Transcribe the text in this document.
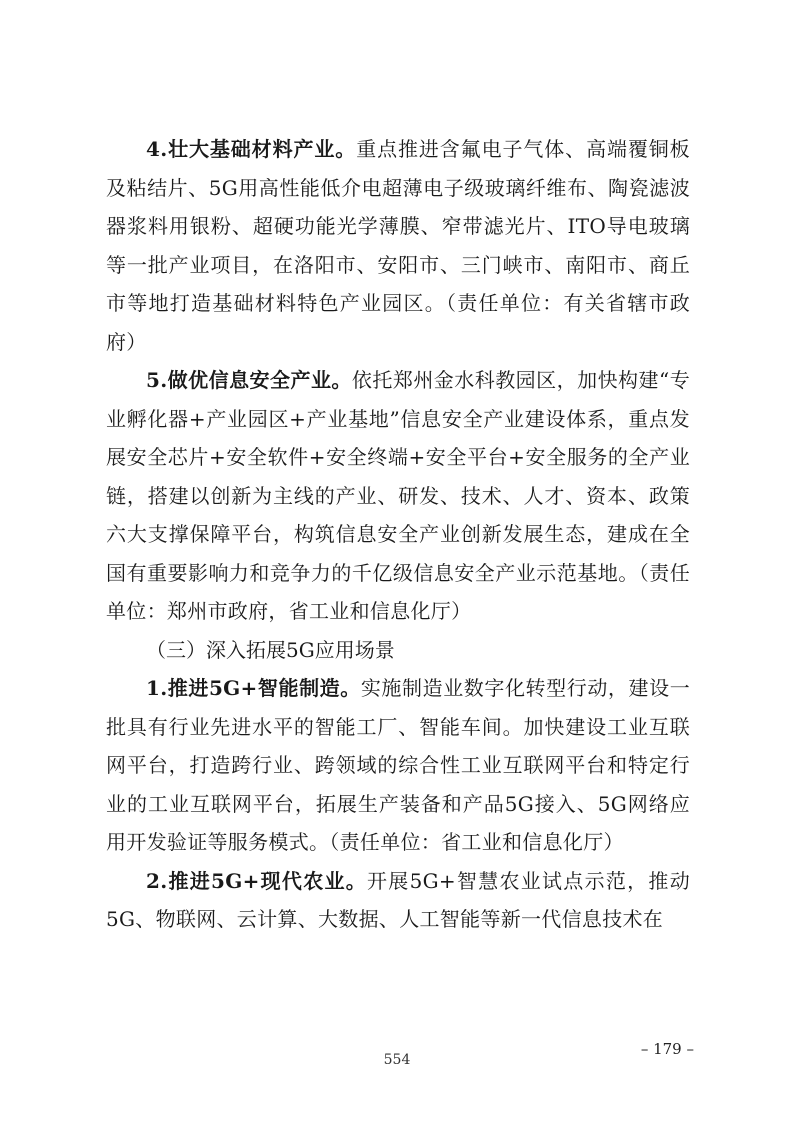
4.壮大基础材料产业。重点推进含氟电子气体、高端覆铜板及粘结片、5G用高性能低介电超薄电子级玻璃纤维布、陶瓷滤波器浆料用银粉、超硬功能光学薄膜、窄带滤光片、ITO导电玻璃等一批产业项目，在洛阳市、安阳市、三门峡市、南阳市、商丘市等地打造基础材料特色产业园区。（责任单位：有关省辖市政府）

5.做优信息安全产业。依托郑州金水科教园区，加快构建“专业孵化器+产业园区+产业基地”信息安全产业建设体系，重点发展安全芯片+安全软件+安全终端+安全平台+安全服务的全产业链，搭建以创新为主线的产业、研发、技术、人才、资本、政策六大支撑保障平台，构筑信息安全产业创新发展生态，建成在全国有重要影响力和竞争力的千亿级信息安全产业示范基地。（责任单位：郑州市政府，省工业和信息化厅）

（三）深入拓展5G应用场景

1.推进5G+智能制造。实施制造业数字化转型行动，建设一批具有行业先进水平的智能工厂、智能车间。加快建设工业互联网平台，打造跨行业、跨领域的综合性工业互联网平台和特定行业的工业互联网平台，拓展生产装备和产品5G接入、5G网络应用开发验证等服务模式。（责任单位：省工业和信息化厅）

2.推进5G+现代农业。开展5G+智慧农业试点示范，推动5G、物联网、云计算、大数据、人工智能等新一代信息技术在

– 179 –
554
